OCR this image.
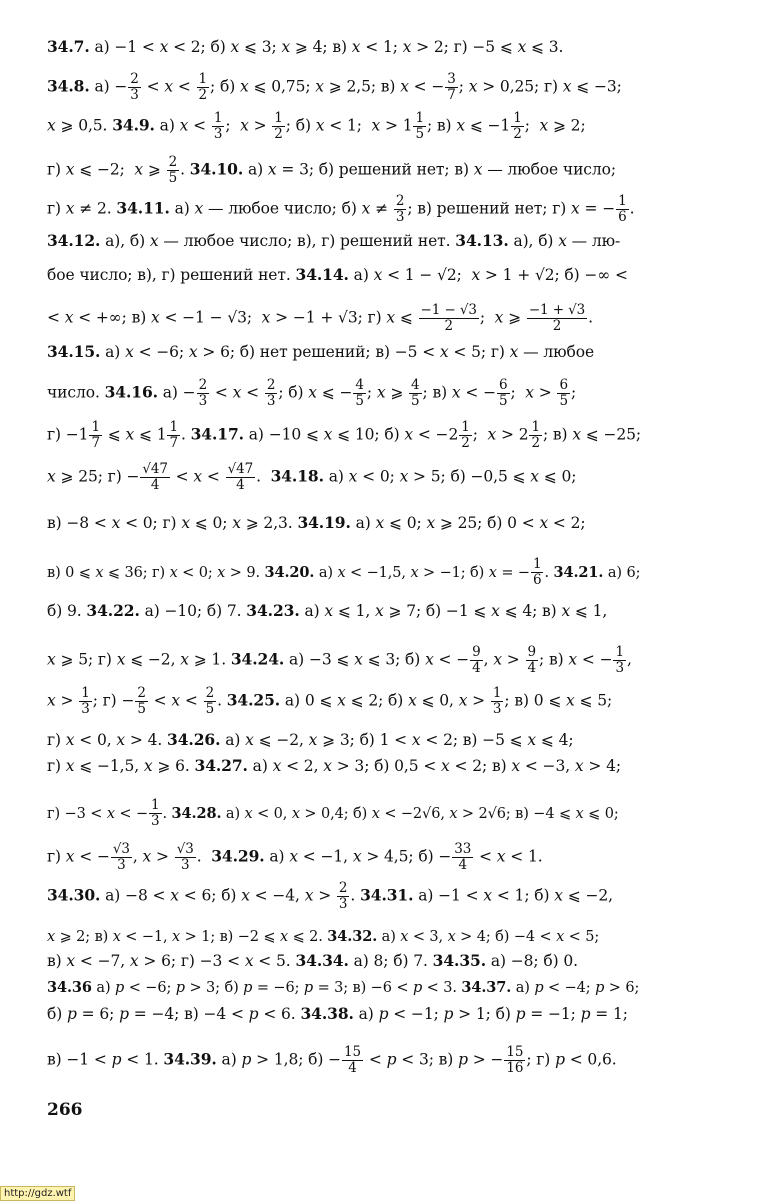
34.7. а) −1 < x < 2; б) x ⩽ 3; x ⩾ 4; в) x < 1; x > 2; г) −5 ⩽ x ⩽ 3.
34.8. $а) - \frac{2}{3} < x < \frac{1}{2}$ ; б) x ⩽ 0,75; x ⩾ 2,5; в) x < − $\frac{3}{7}$ ; x > 0,25; г) x ⩽ −3;
x ⩾ 0,5. 34.9. а) $x < \frac{1}{3}$ ;  $x > \frac{1}{2}$ ; б) x < 1;  $x > 1 \frac{1}{5}$ ; в) x ⩽ $-1 \frac{1}{2}$ ;  x ⩾ 2;
г) x ⩽ −2;  x ⩾ $\frac{2}{5}$ . 34.10. а) x = 3; б) решений нет; в) x — любое число;
г) x ≠ 2. 34.11. а) x — любое число; б) $x \ne \frac{2}{3}$ ; в) решений нет; г) x = − $\frac{1}{6}$ .
34.12. а), б) x — любое число; в), г) решений нет. 34.13. а), б) x — лю-
бое число; в), г) решений нет. 34.14. а) x < 1 − √2;  x > 1 + √2; б) −∞ <
< x < +∞; в) x < −1 − √3;  x > −1 + √3; г) x ⩽ $\frac{-1 - √3}{2}$ ;  x ⩾ $\frac{-1 + √3}{2}$ .
34.15. а) x < −6; x > 6; б) нет решений; в) −5 < x < 5; г) x — любое
число. 34.16. $а) - \frac{2}{3} < x < \frac{2}{3}$ ; б) x ⩽ − $\frac{4}{5}$ ; x ⩾ $\frac{4}{5}$ ; в) x < − $\frac{6}{5}$ ;  $x > \frac{6}{5}$ ;
$г) -1 \frac{1}{7}$ ⩽ x ⩽ $1 \frac{1}{7}$ . 34.17. а) −10 ⩽ x ⩽ 10; б) $x < -2 \frac{1}{2}$ ;  $x > 2 \frac{1}{2}$ ; в) x ⩽ −25;
x ⩾ 25; $г) - \frac{√47}{4} < x < \frac{√47}{4}$ .  34.18. а) x < 0; x > 5; б) −0,5 ⩽ x ⩽ 0;
в) −8 < x < 0; г) x ⩽ 0; x ⩾ 2,3. 34.19. а) x ⩽ 0; x ⩾ 25; б) 0 < x < 2;
в) 0 ⩽ x ⩽ 36; г) x < 0; x > 9. 34.20. а) x < −1,5, x > −1; б) x = − $\frac{1}{6}$ . 34.21. а) 6;
б) 9. 34.22. а) −10; б) 7. 34.23. а) x ⩽ 1, x ⩾ 7; б) −1 ⩽ x ⩽ 4; в) x ⩽ 1,
x ⩾ 5; г) x ⩽ −2, x ⩾ 1. 34.24. а) −3 ⩽ x ⩽ 3; б) x < − $\frac{9}{4}$ , $x > \frac{9}{4}$ ; в) x < − $\frac{1}{3}$ ,
$x > \frac{1}{3}$ ; $г) - \frac{2}{5} < x < \frac{2}{5}$ . 34.25. а) 0 ⩽ x ⩽ 2; б) x ⩽ 0, $x > \frac{1}{3}$ ; в) 0 ⩽ x ⩽ 5;
г) x < 0, x > 4. 34.26. а) x ⩽ −2, x ⩾ 3; б) 1 < x < 2; в) −5 ⩽ x ⩽ 4;
г) x ⩽ −1,5, x ⩾ 6. 34.27. а) x < 2, x > 3; б) 0,5 < x < 2; в) x < −3, x > 4;
г) −3 < x < − $\frac{1}{3}$ . 34.28. а) x < 0, x > 0,4; б) x < −2√6, x > 2√6; в) −4 ⩽ x ⩽ 0;
г) x < − $\frac{√3}{3}$ , $x > \frac{√3}{3}$ .  34.29. а) x < −1, x > 4,5; $б) - \frac{33}{4} < x < 1$.
34.30. а) −8 < x < 6; б) x < −4, $x > \frac{2}{3}$ . 34.31. а) −1 < x < 1; б) x ⩽ −2,
x ⩾ 2; в) x < −1, x > 1; в) −2 ⩽ x ⩽ 2. 34.32. а) x < 3, x > 4; б) −4 < x < 5;
в) x < −7, x > 6; г) −3 < x < 5. 34.34. а) 8; б) 7. 34.35. а) −8; б) 0.
34.36 а) p < −6; p > 3; б) p = −6; p = 3; в) −6 < p < 3. 34.37. а) p < −4; p > 6;
б) p = 6; p = −4; в) −4 < p < 6. 34.38. а) p < −1; p > 1; б) p = −1; p = 1;
в) −1 < p < 1. 34.39. а) p > 1,8; $б) - \frac{15}{4} < p < 3$; в) p > − $\frac{15}{16}$ ; г) p < 0,6.
266
http://gdz.wtf
